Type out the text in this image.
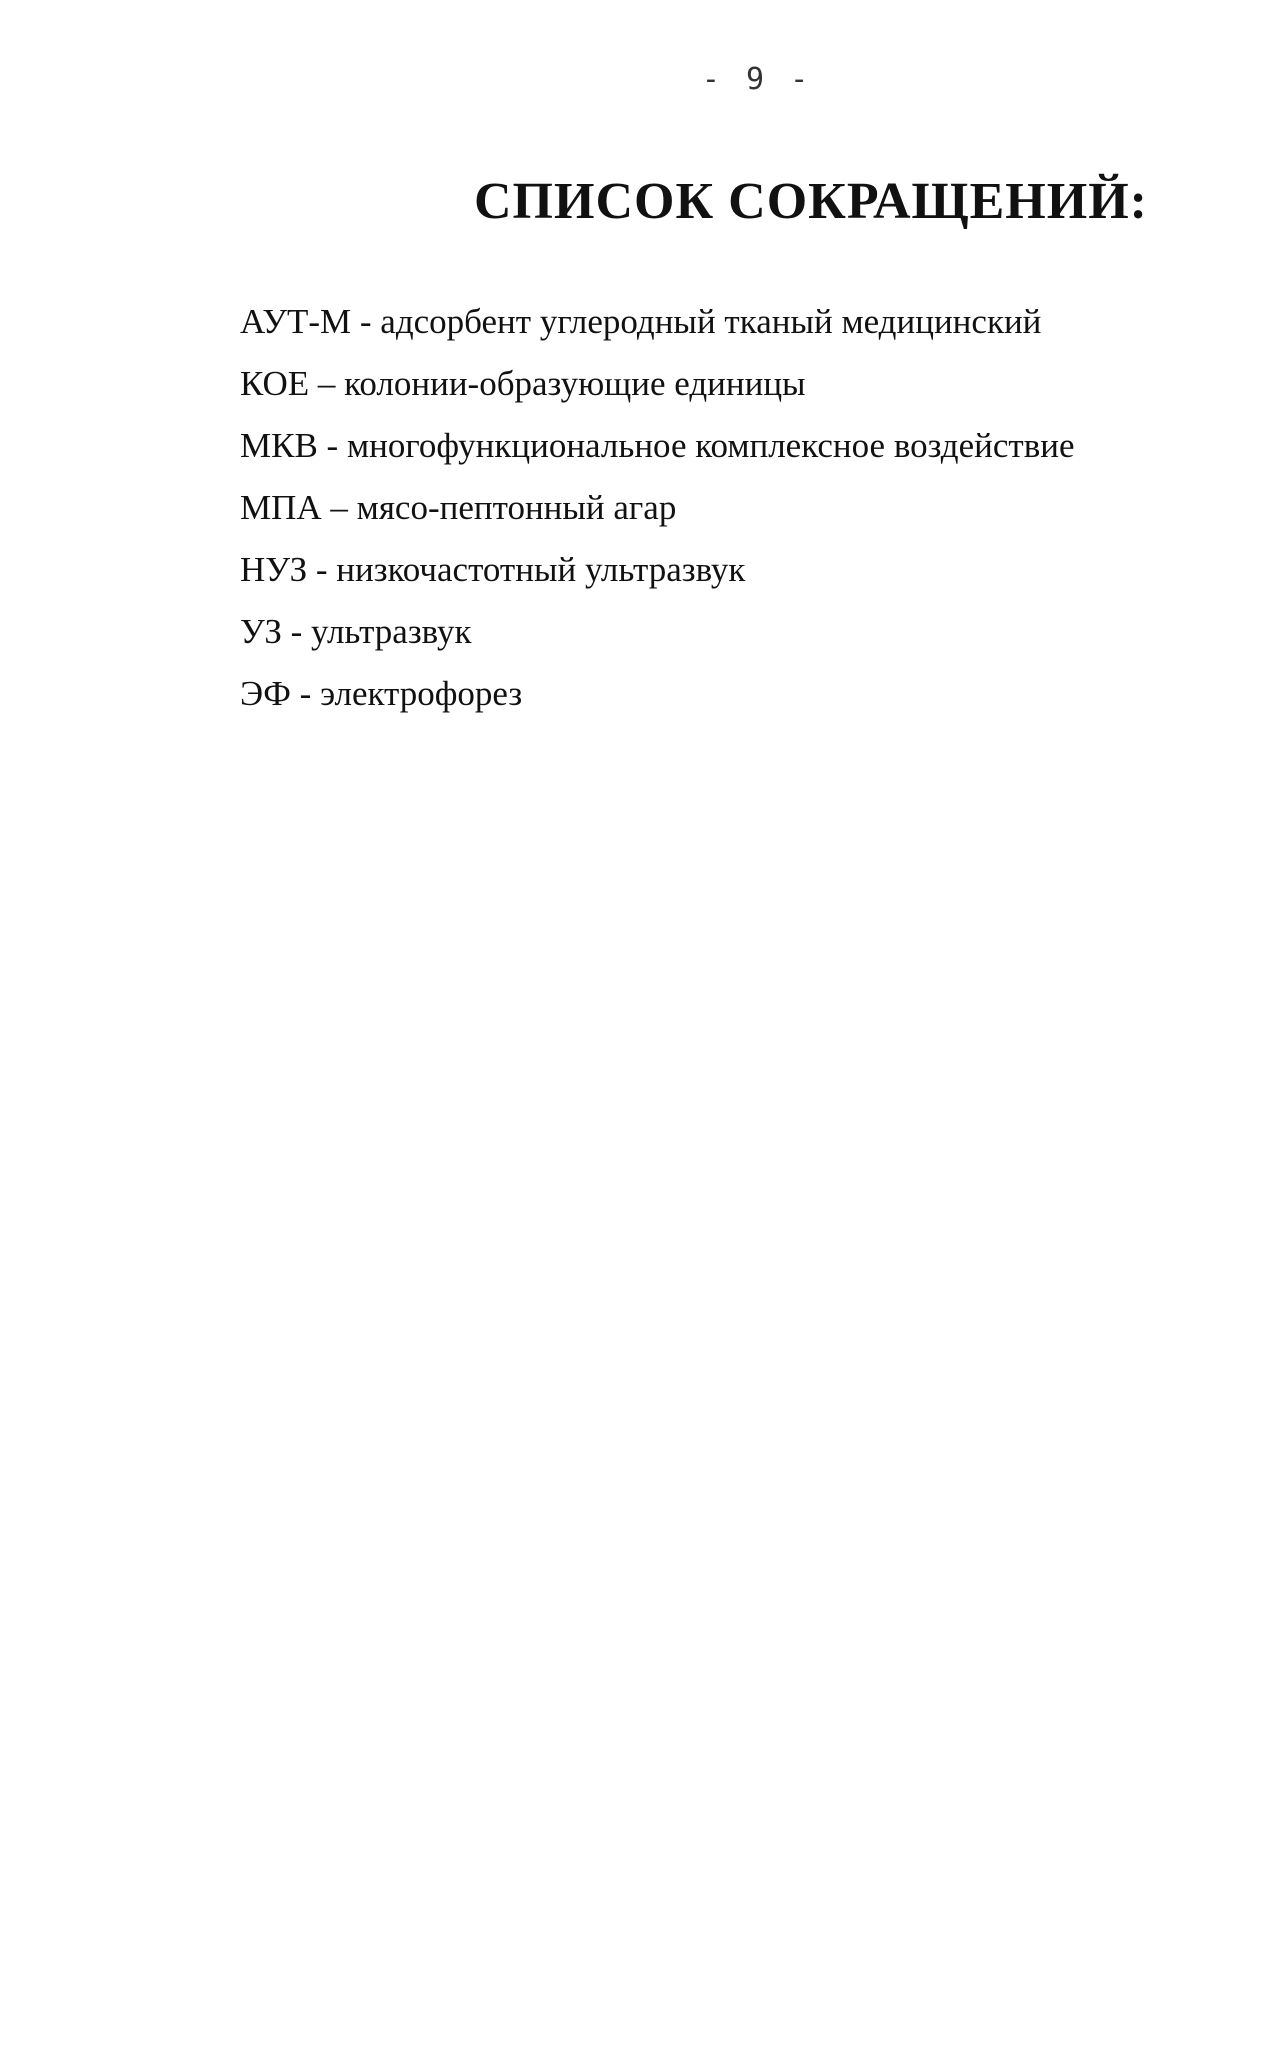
- 9 -
СПИСОК СОКРАЩЕНИЙ:
АУТ-М - адсорбент углеродный тканый медицинский
КОЕ – колонии-образующие единицы
МКВ - многофункциональное комплексное воздействие
МПА – мясо-пептонный агар
НУЗ - низкочастотный ультразвук
УЗ - ультразвук
ЭФ - электрофорез
